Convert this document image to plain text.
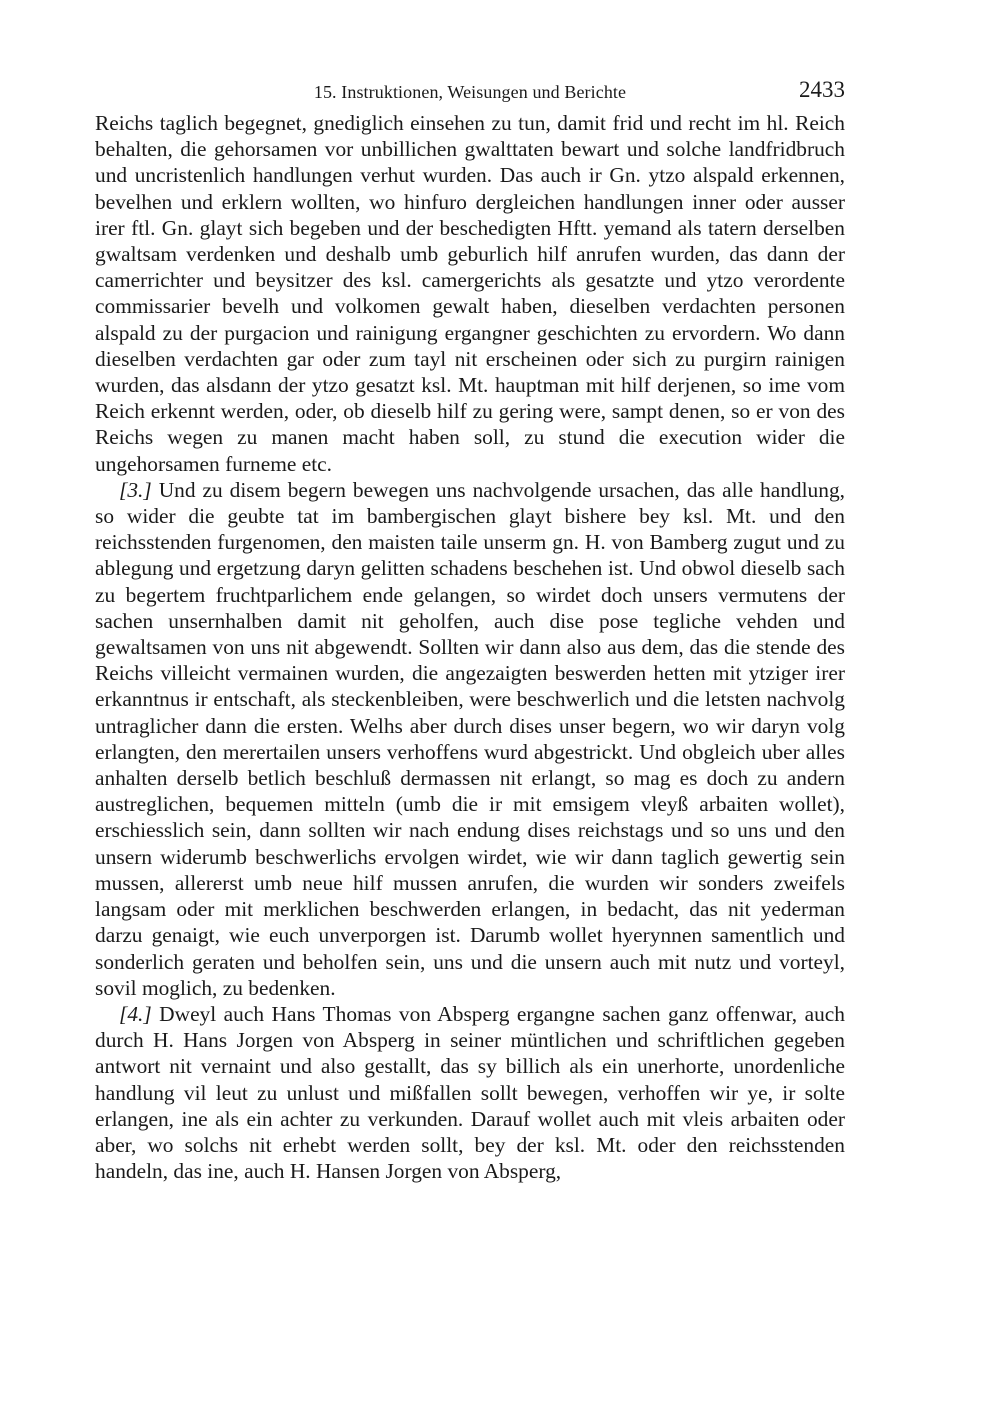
15. Instruktionen, Weisungen und Berichte	2433

Reichs taglich begegnet, gnediglich einsehen zu tun, damit frid und recht im hl. Reich behalten, die gehorsamen vor unbillichen gwalttaten bewart und solche landfridbruch und uncristenlich handlungen verhut wurden. Das auch ir Gn. ytzo alspald erkennen, bevelhen und erklern wollten, wo hinfuro dergleichen handlungen inner oder ausser irer ftl. Gn. glayt sich begeben und der beschedigten Hftt. yemand als tatern derselben gwaltsam verdenken und deshalb umb geburlich hilf anrufen wurden, das dann der camerrichter und beysitzer des ksl. camergerichts als gesatzte und ytzo verordente commissarier bevelh und volkomen gewalt haben, dieselben verdachten personen alspald zu der purgacion und rainigung ergangner geschichten zu ervordern. Wo dann dieselben verdachten gar oder zum tayl nit erscheinen oder sich zu purgirn rainigen wurden, das alsdann der ytzo gesatzt ksl. Mt. hauptman mit hilf derjenen, so ime vom Reich erkennt werden, oder, ob dieselb hilf zu gering were, sampt denen, so er von des Reichs wegen zu manen macht haben soll, zu stund die execution wider die ungehorsamen furneme etc.

[3.] Und zu disem begern bewegen uns nachvolgende ursachen, das alle handlung, so wider die geubte tat im bambergischen glayt bishere bey ksl. Mt. und den reichsstenden furgenomen, den maisten taile unserm gn. H. von Bamberg zugut und zu ablegung und ergetzung daryn gelitten schadens beschehen ist. Und obwol dieselb sach zu begertem fruchtparlichem ende gelangen, so wirdet doch unsers vermutens der sachen unsernhalben damit nit geholfen, auch dise pose tegliche vehden und gewaltsamen von uns nit abgewendt. Sollten wir dann also aus dem, das die stende des Reichs villeicht vermainen wurden, die angezaigten beswerden hetten mit ytziger irer erkanntnus ir entschaft, als steckenbleiben, were beschwerlich und die letsten nachvolg untraglicher dann die ersten. Welhs aber durch dises unser begern, wo wir daryn volg erlangten, den merertailen unsers verhoffens wurd abgestrickt. Und obgleich uber alles anhalten derselb betlich beschluß dermassen nit erlangt, so mag es doch zu andern austreglichen, bequemen mitteln (umb die ir mit emsigem vleyß arbaiten wollet), erschiesslich sein, dann sollten wir nach endung dises reichstags und so uns und den unsern widerumb beschwerlichs ervolgen wirdet, wie wir dann taglich gewertig sein mussen, allererst umb neue hilf mussen anrufen, die wurden wir sonders zweifels langsam oder mit merklichen beschwerden erlangen, in bedacht, das nit yederman darzu genaigt, wie euch unverporgen ist. Darumb wollet hyerynnen samentlich und sonderlich geraten und beholfen sein, uns und die unsern auch mit nutz und vorteyl, sovil moglich, zu bedenken.

[4.] Dweyl auch Hans Thomas von Absperg ergangne sachen ganz offenwar, auch durch H. Hans Jorgen von Absperg in seiner müntlichen und schriftlichen gegeben antwort nit vernaint und also gestallt, das sy billich als ein unerhorte, unordenliche handlung vil leut zu unlust und mißfallen sollt bewegen, verhoffen wir ye, ir solte erlangen, ine als ein achter zu verkunden. Darauf wollet auch mit vleis arbaiten oder aber, wo solchs nit erhebt werden sollt, bey der ksl. Mt. oder den reichsstenden handeln, das ine, auch H. Hansen Jorgen von Absperg,
